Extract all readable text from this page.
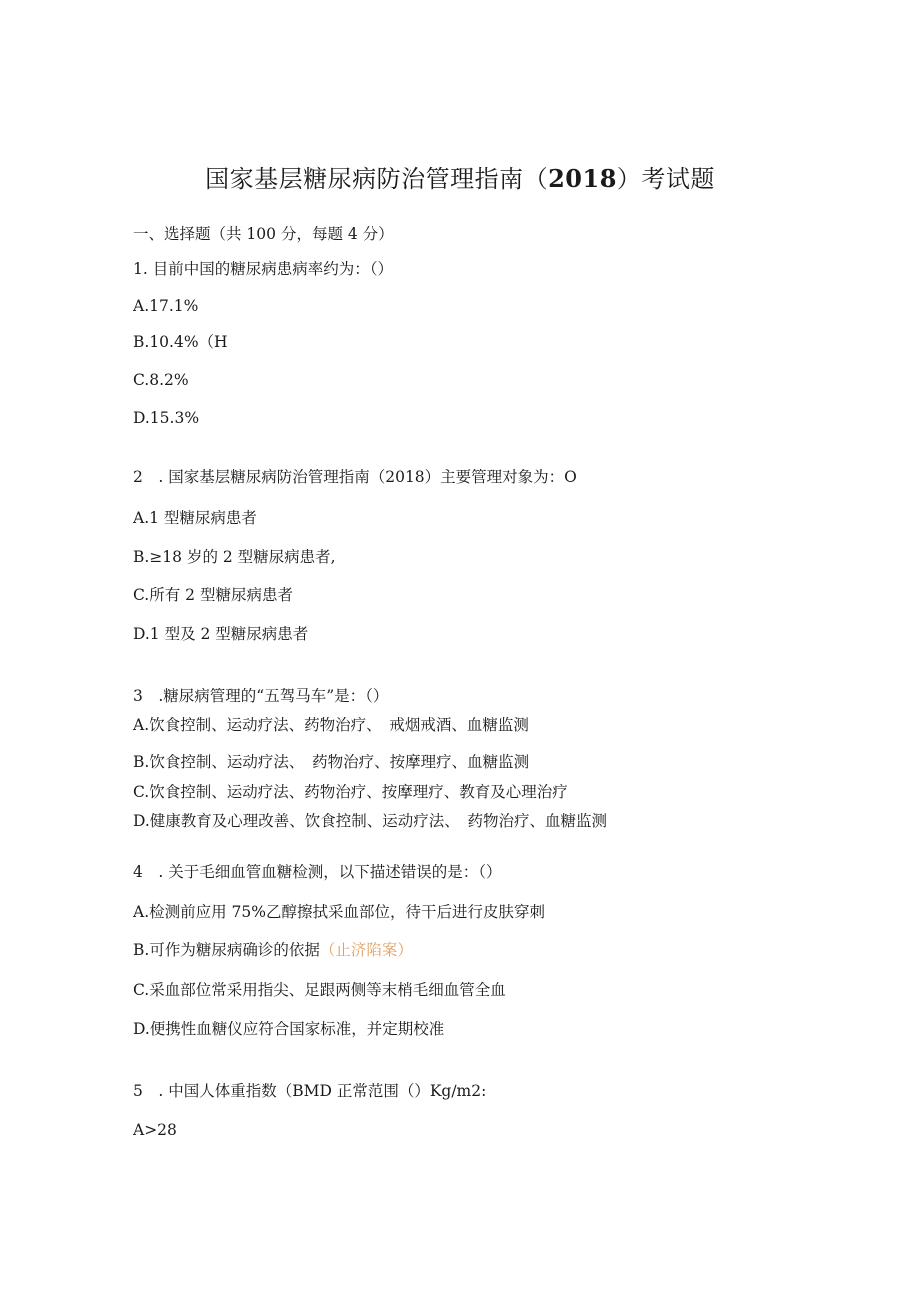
国家基层糖尿病防治管理指南（2018）考试题
一、选择题（共 100 分，每题 4 分）
1. 目前中国的糖尿病患病率约为：（）
A.17.1%
B.10.4%（H
C.8.2%
D.15.3%
2　. 国家基层糖尿病防治管理指南（2018）主要管理对象为：O
A.1 型糖尿病患者
B.≥18 岁的 2 型糖尿病患者,
C.所有 2 型糖尿病患者
D.1 型及 2 型糖尿病患者
3　.糖尿病管理的“五驾马车”是：（）
A.饮食控制、运动疗法、药物治疗、　戒烟戒酒、血糖监测
B.饮食控制、运动疗法、　药物治疗、按摩理疗、血糖监测
C.饮食控制、运动疗法、药物治疗、按摩理疗、教育及心理治疗
D.健康教育及心理改善、饮食控制、运动疗法、　药物治疗、血糖监测
4　. 关于毛细血管血糖检测，以下描述错误的是：（）
A.检测前应用 75%乙醇擦拭采血部位，待干后进行皮肤穿刺
B.可作为糖尿病确诊的依据（止济陷案）
C.采血部位常采用指尖、足跟两侧等末梢毛细血管全血
D.便携性血糖仪应符合国家标准，并定期校准
5　. 中国人体重指数（BMD 正常范围（）Kg∕m2:
A>28
